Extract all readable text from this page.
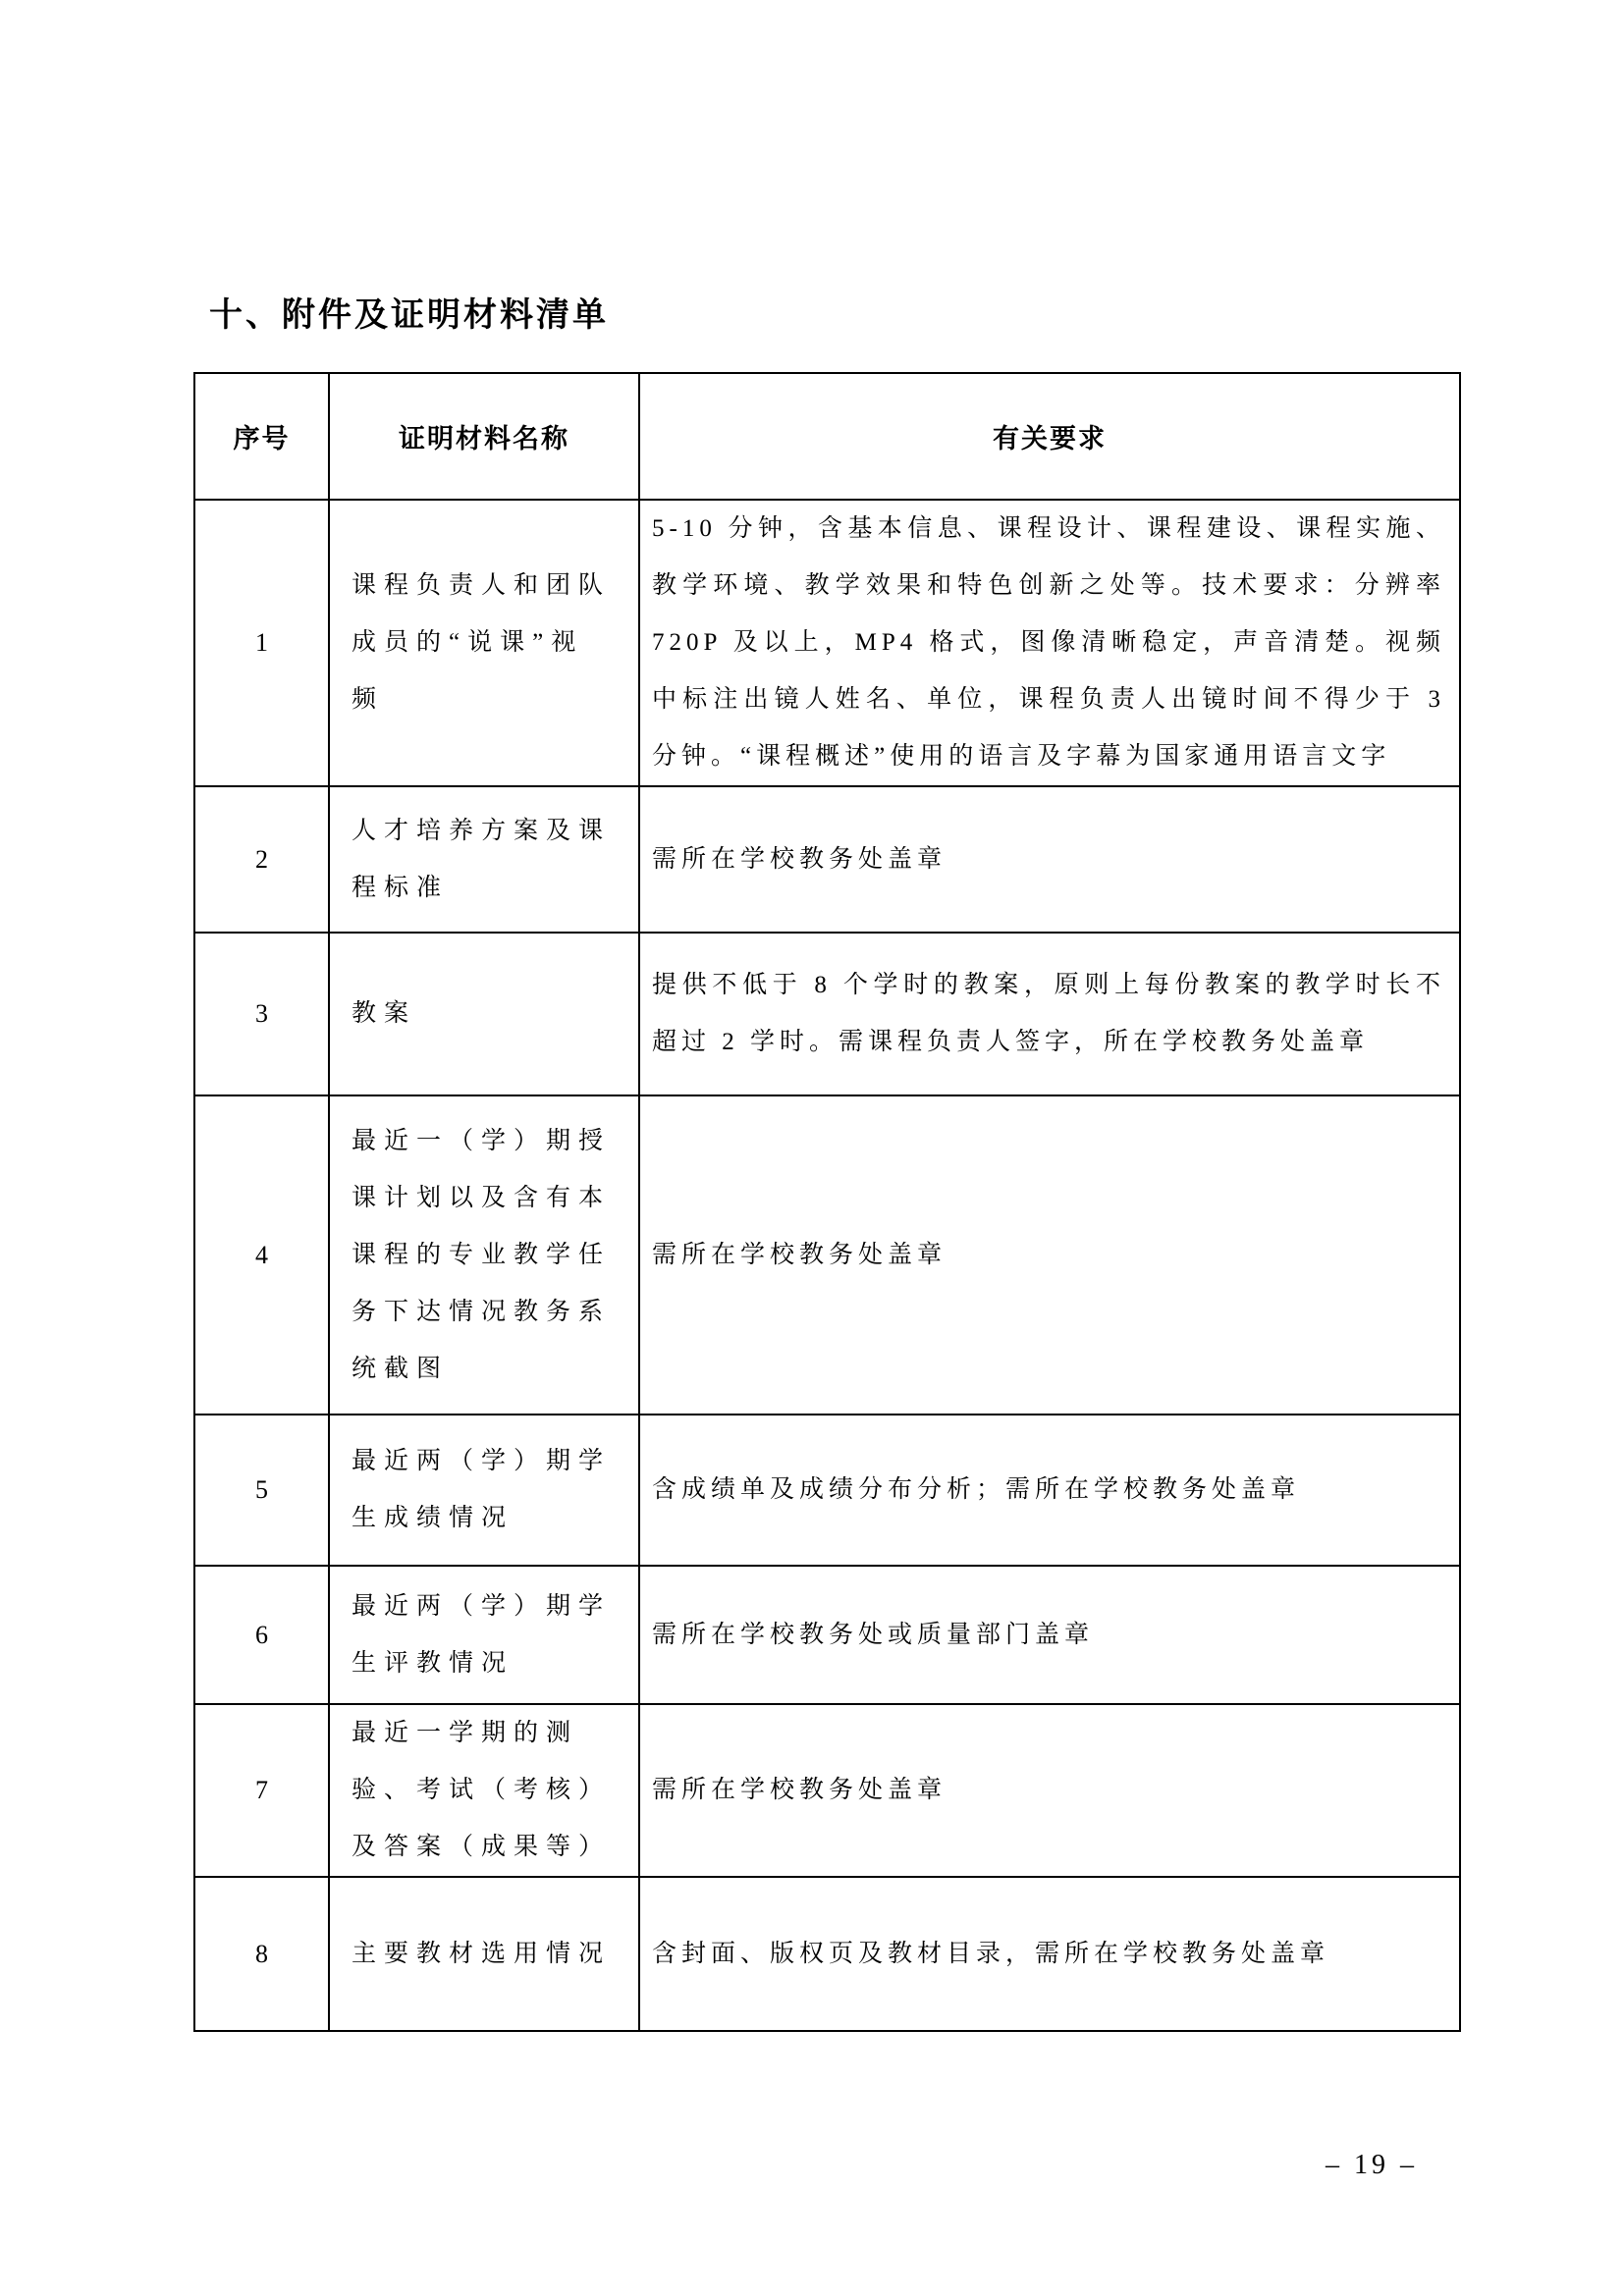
十、附件及证明材料清单
序号	证明材料名称	有关要求
1	课程负责人和团队成员的“说课”视频	5-10 分钟，含基本信息、课程设计、课程建设、课程实施、教学环境、教学效果和特色创新之处等。技术要求：分辨率 720P 及以上，MP4 格式，图像清晰稳定，声音清楚。视频中标注出镜人姓名、单位，课程负责人出镜时间不得少于 3 分钟。“课程概述”使用的语言及字幕为国家通用语言文字
2	人才培养方案及课程标准	需所在学校教务处盖章
3	教案	提供不低于 8 个学时的教案，原则上每份教案的教学时长不超过 2 学时。需课程负责人签字，所在学校教务处盖章
4	最近一（学）期授课计划以及含有本课程的专业教学任务下达情况教务系统截图	需所在学校教务处盖章
5	最近两（学）期学生成绩情况	含成绩单及成绩分布分析；需所在学校教务处盖章
6	最近两（学）期学生评教情况	需所在学校教务处或质量部门盖章
7	最近一学期的测验、考试（考核）及答案（成果等）	需所在学校教务处盖章
8	主要教材选用情况	含封面、版权页及教材目录，需所在学校教务处盖章
– 19 –
